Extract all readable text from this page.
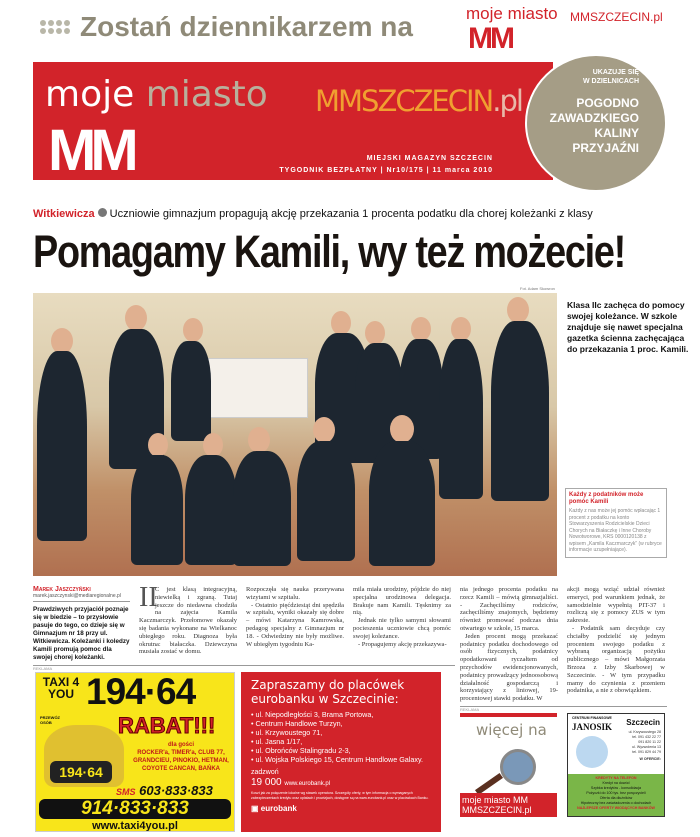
Zostań dziennikarzem na	moje miasto
MM
MMSZCZECIN.pl
moje miasto
MM
MMSZCZECIN.pl
MIEJSKI MAGAZYN SZCZECIN
TYGODNIK BEZPŁATNY | Nr10/175 | 11 marca 2010
UKAZUJE SIĘ
W DZIELNICACH
POGODNO
ZAWADZKIEGO
KALINY
PRZYJAŹNI
Witkiewicza Uczniowie gimnazjum propagują akcję przekazania 1 procenta podatku dla chorej koleżanki z klasy
Pomagamy Kamili, wy też możecie!
Fot. Adam Skowron
Klasa IIc zachęca do pomocy swojej koleżance. W szkole znajduje się nawet specjalna gazetka ścienna zachęcająca do przekazania 1 proc. Kamili.
Każdy z podatników może pomóc Kamili
Każdy z nas może jej pomóc wpłacając 1 procent z podatku na konto Stowarzyszenia Rodzicielskie Dzieci Chorych na Białaczkę i Inne Choroby Nowotworowe, KRS 0000120138 z wpisem „Kamila Kaczmarczyk” (w rubryce informacje uzupełniające).
Marek Jaszczyński
marek.jaszczynski@mediaregionalne.pl
Prawdziwych przyjaciół poznaje się w biedzie – to przysłowie pasuje do tego, co dzieje się w Gimnazjum nr 18 przy ul. Witkiewicza. Koleżanki i koledzy Kamili promują pomoc dla swojej chorej koleżanki.
II

C jest klasą integracyjną, niewielką i zgraną. Tutaj jeszcze do niedawna chodziła na zajęcia Kamila Kaczmarczyk. Przełomowe okazały się badania wykonane na Wielkanoc ubiegłego roku. Diagnoza była okrutna: białaczka. Dziewczyna musiała zostać w domu.

Rozpoczęła się nauka przerywana wizytami w szpitalu.

- Ostatnio pięćdziesiąt dni spędziła w szpitalu, wyniki okazały się dobre – mówi Katarzyna Kamrowska, pedagog specjalny z Gimnazjum nr 18. - Odwiedziny nie były możliwe. W ubiegłym tygodniu Ka-

mila miała urodziny, pójdzie do niej specjalna urodzinowa delegacja. Brakuje nam Kamili. Tęsknimy za nią.

Jednak nie tylko samymi słowami pocieszenia uczniowie chcą pomóc swojej koleżance.

- Propagujemy akcję przekazywa-

REKLAMA
TAXI 4 YOU
PRZEWÓZ OSÓB
194·64
194·64
RABAT!!!
dla gości
ROCKER'a, TIMER'a, CLUB 77, GRANDCIEU, PINOKIO, HETMAN, COYOTE CANCAN, BAŃKA
SMS 603·833·833
914·833·833
www.taxi4you.pl
Zapraszamy do placówek eurobanku w Szczecinie:
• ul. Niepodległości 3, Brama Portowa,
• Centrum Handlowe Turzyn,
• ul. Krzywoustego 71,
• ul. Jasna 1/17,
• ul. Obrońców Stalingradu 2-3,
• ul. Wojska Polskiego 15, Centrum Handlowe Galaxy.
zadzwoń
19 000 www.eurobank.pl
Koszt jak za połączenie lokalne wg stawek operatora. Szczegóły oferty, w tym informacja o wymaganych zabezpieczeniach kredytu oraz opłatach i prowizjach, dostępne są na www.eurobank.pl oraz w placówkach Banku.
▣ eurobank

nia jednego procenta podatku na rzecz Kamili – mówią gimnazjaliści. - Zachęciliśmy rodziców, zachęciliśmy znajomych, będziemy również promować podczas dnia otwartego w szkole, 15 marca.

Jeden procent mogą przekazać podatnicy podatku dochodowego od osób fizycznych, podatnicy opodatkowani ryczałtem od przychodów ewidencjonowanych, podatnicy prowadzący jednoosobową działalność gospodarczą i korzystający z liniowej, 19-procentowej stawki podatku. W

akcji mogą wziąć udział również emeryci, pod warunkiem jednak, że samodzielnie wypełnią PIT-37 i rozliczą się z pomocy ZUS w tym zakresie.

- Podatnik sam decyduje czy chciałby podzielić się jednym procentem swojego podatku z wybraną organizacją pożytku publicznego – mówi Małgorzata Brzoza z Izby Skarbowej w Szczecinie. - W tym przypadku mamy do czynienia z przeniem podatnika, a nie z obowiązkiem.

REKLAMA
więcej na
moje miasto MM MMSZCZECIN.pl
CENTRUM FINANSOWE
JANOSIK Szczecin
ul. Krzywoustego 28
tel. 091 432 22 77
091 820 11 22
ul. Wyzwolenia 13
tel. 091 829 44 79
W OFERCIE:
KREDYTY NA TELEFON
Kredyt na dowód
Szybka kredytów - konsolidacja
Pożyczki do 100 tys. bez poręczycieli
Oferta dla dłużników
Hipoteczny bez zaświadczenia o dochodach
NAJLEPSZE OFERTY WIODĄCYCH BANKÓW
